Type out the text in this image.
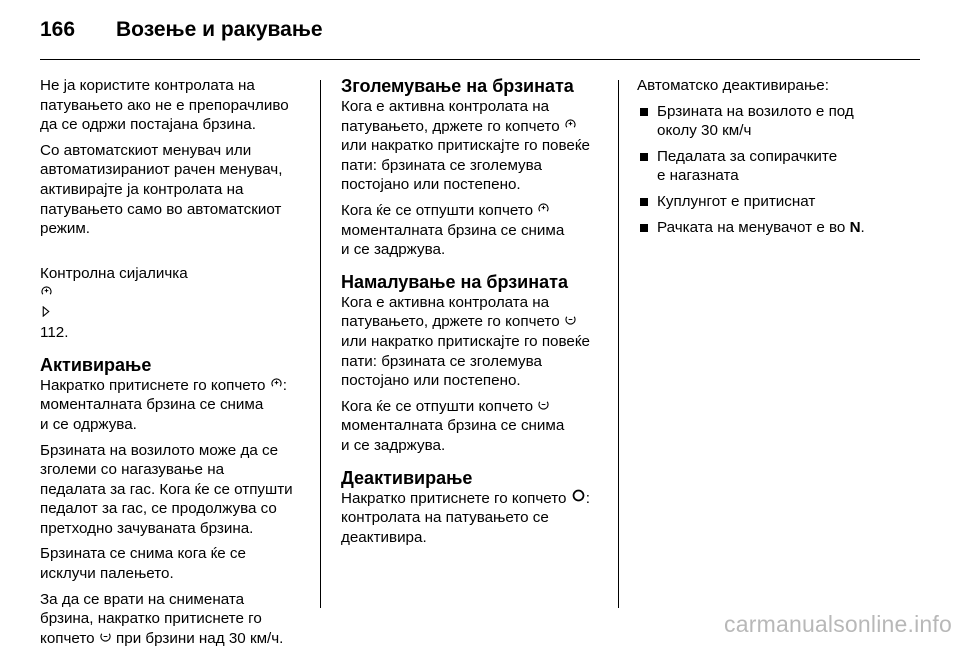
166 Возење и ракување

Не ја користите контролата на
патувањето ако не е препорачливо
да се одржи постајана брзина.

Со автоматскиот менувач или
автоматизираниот рачен менувач,
активирајте ја контролата на
патувањето само во автоматскиот
режим.

Контролна сијаличка

112.

Активирање

Накратко притиснете го копчето :
моменталната брзина се снима
и се одржува.

Брзината на возилото може да се
зголеми со нагазување на
педалата за гас. Кога ќе се отпушти
педалот за гас, се продолжува со
претходно зачуваната брзина.

Брзината се снима кога ќе се
исклучи палењето.

За да се врати на снимената
брзина, накратко притиснете го
копчето  при брзини над 30 км/ч.

Зголемување на брзината

Кога е активна контролата на
патувањето, држете го копчето
или накратко притискајте го повеќе
пати: брзината се зголемува
постојано или постепено.

Кога ќе се отпушти копчето
моменталната брзина се снима
и се задржува.

Намалување на брзината

Кога е активна контролата на
патувањето, држете го копчето
или накратко притискајте го повеќе
пати: брзината се зголемува
постојано или постепено.

Кога ќе се отпушти копчето
моменталната брзина се снима
и се задржува.

Деактивирање

Накратко притиснете го копчето :
контролата на патувањето се
деактивира.

Автоматско деактивирање:

Брзината на возилото е под
околу 30 км/ч
Педалата за сопирачките
е нагазната
Куплунгот е притиснат
Рачката на менувачот е во N.
carmanualsonline.info
